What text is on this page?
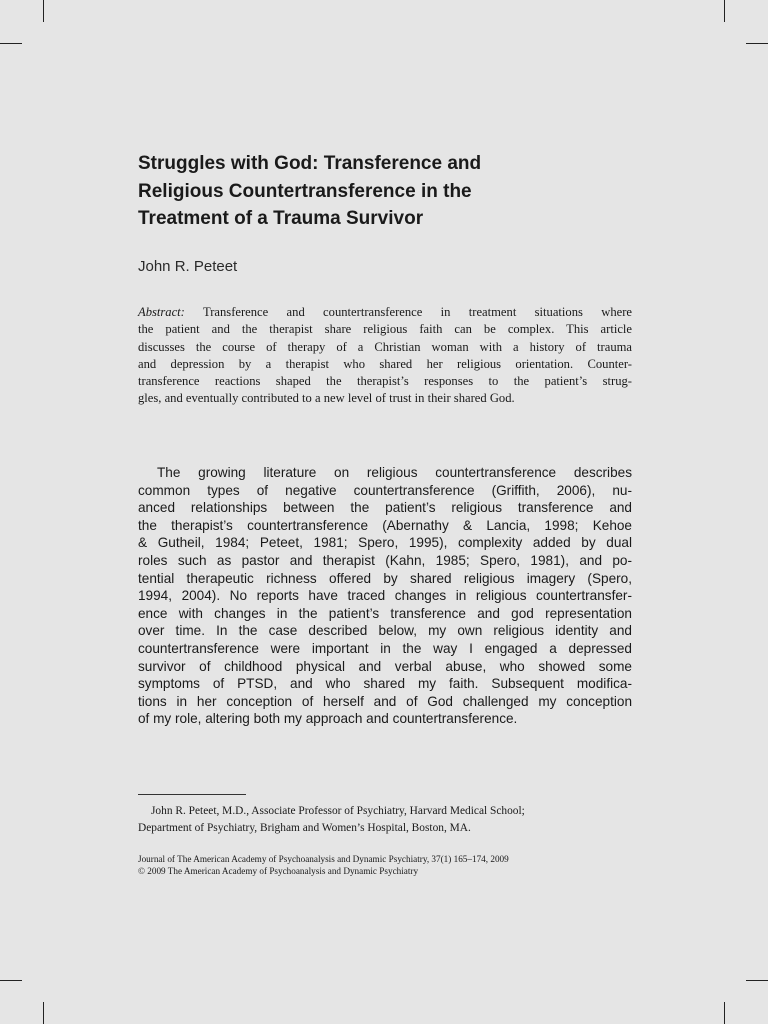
Struggles with God: Transference and
Religious Countertransference in the
Treatment of a Trauma Survivor
John R. Peteet
Abstract: Transference and countertransference in treatment situations where
the patient and the therapist share religious faith can be complex. This article
discusses the course of therapy of a Christian woman with a history of trauma
and depression by a therapist who shared her religious orientation. Counter-
transference reactions shaped the therapist’s responses to the patient’s strug-
gles, and eventually contributed to a new level of trust in their shared God.
The growing literature on religious countertransference describes
common types of negative countertransference (Griffith, 2006), nu-
anced relationships between the patient’s religious transference and
the therapist’s countertransference (Abernathy & Lancia, 1998; Kehoe
& Gutheil, 1984; Peteet, 1981; Spero, 1995), complexity added by dual
roles such as pastor and therapist (Kahn, 1985; Spero, 1981), and po-
tential therapeutic richness offered by shared religious imagery (Spero,
1994, 2004). No reports have traced changes in religious countertransfer-
ence with changes in the patient’s transference and god representation
over time. In the case described below, my own religious identity and
countertransference were important in the way I engaged a depressed
survivor of childhood physical and verbal abuse, who showed some
symptoms of PTSD, and who shared my faith. Subsequent modifica-
tions in her conception of herself and of God challenged my conception
of my role, altering both my approach and countertransference.
John R. Peteet, M.D., Associate Professor of Psychiatry, Harvard Medical School;
Department of Psychiatry, Brigham and Women’s Hospital, Boston, MA.
Journal of The American Academy of Psychoanalysis and Dynamic Psychiatry, 37(1) 165–174, 2009
© 2009 The American Academy of Psychoanalysis and Dynamic Psychiatry
